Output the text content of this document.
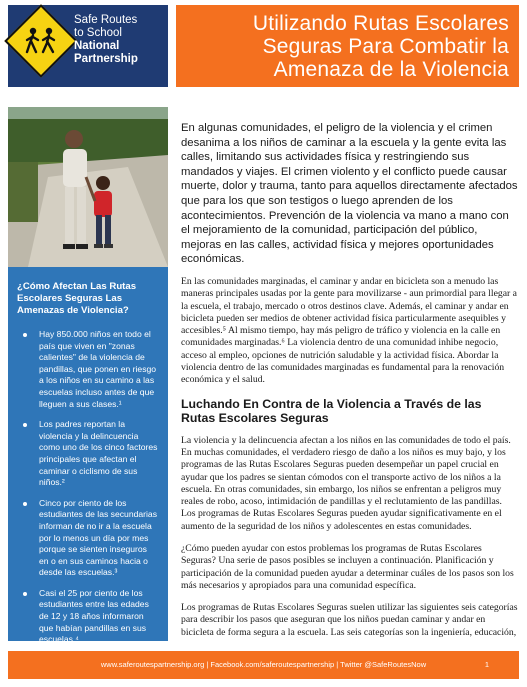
Safe Routes
to School
National
Partnership
Utilizando Rutas Escolares
Seguras Para Combatir la
Amenaza de la Violencia
¿Cómo Afectan Las Rutas Escolares Seguras Las Amenazas de Violencia?
Hay 850.000 niños en todo el país que viven en "zonas calientes" de la violencia de pandillas, que ponen en riesgo a los niños en su camino a las escuelas incluso antes de que lleguen a sus clases.¹
Los padres reportan la violencia y la delincuencia como uno de los cinco factores principales que afectan el caminar o ciclismo de sus niños.²
Cinco por ciento de los estudiantes de las secundarias informan de no ir a la escuela por lo menos un día por mes porque se sienten inseguros en o en sus caminos hacia o desde las escuelas.³
Casi el 25 por ciento de los estudiantes entre las edades de 12 y 18 años informaron que habían pandillas en sus escuelas.⁴

En algunas comunidades, el peligro de la violencia y el crimen desanima a los niños de caminar a la escuela y la gente evita las calles, limitando sus actividades física y restringiendo sus mandados y viajes. El crimen violento y el conflicto puede causar muerte, dolor y trauma, tanto para aquellos directamente afectados que para los que son testigos o luego aprenden de los acontecimientos. Prevención de la violencia va mano a mano con el mejoramiento de la comunidad, participación del público, mejoras en las calles, actividad física y mejores oportunidades económicas.

En las comunidades marginadas, el caminar y andar en bicicleta son a menudo las maneras principales usadas por la gente para movilizarse - aun primordial para llegar a la escuela, el trabajo, mercado o otros destinos clave. Además, el caminar y andar en bicicleta pueden ser medios de obtener actividad física particularmente asequibles y accesibles.⁵ Al mismo tiempo, hay más peligro de tráfico y violencia en la calle en comunidades marginadas.⁶ La violencia dentro de una comunidad inhibe negocio, acceso al empleo, opciones de nutrición saludable y la actividad física. Abordar la violencia dentro de las comunidades marginadas es fundamental para la renovación económica y el salud.

Luchando En Contra de la Violencia a Través de las Rutas Escolares Seguras

La violencia y la delincuencia afectan a los niños en las comunidades de todo el país. En muchas comunidades, el verdadero riesgo de daño a los niños es muy bajo, y los programas de las Rutas Escolares Seguras pueden desempeñar un papel crucial en ayudar que los padres se sientan cómodos con el transporte activo de los niños a la escuela. En otras comunidades, sin embargo, los niños se enfrentan a peligros muy reales de robo, acoso, intimidación de pandillas y el reclutamiento de las pandillas. Los programas de Rutas Escolares Seguras pueden ayudar significativamente en el aumento de la seguridad de los niños y adolescentes en estas comunidades.

¿Cómo pueden ayudar con estos problemas los programas de Rutas Escolares Seguras? Una serie de pasos posibles se incluyen a continuación. Planificación y participación de la comunidad pueden ayudar a determinar cuáles de los pasos son los más necesarios y apropiados para una comunidad específica.

Los programas de Rutas Escolares Seguras suelen utilizar las siguientes seis categorías para describir los pasos que aseguran que los niños puedan caminar y andar en bicicleta de forma segura a la escuela. Las seis categorías son la ingeniería, educación,

www.saferoutespartnership.org | Facebook.com/saferoutespartnership | Twitter @SafeRoutesNow	1
